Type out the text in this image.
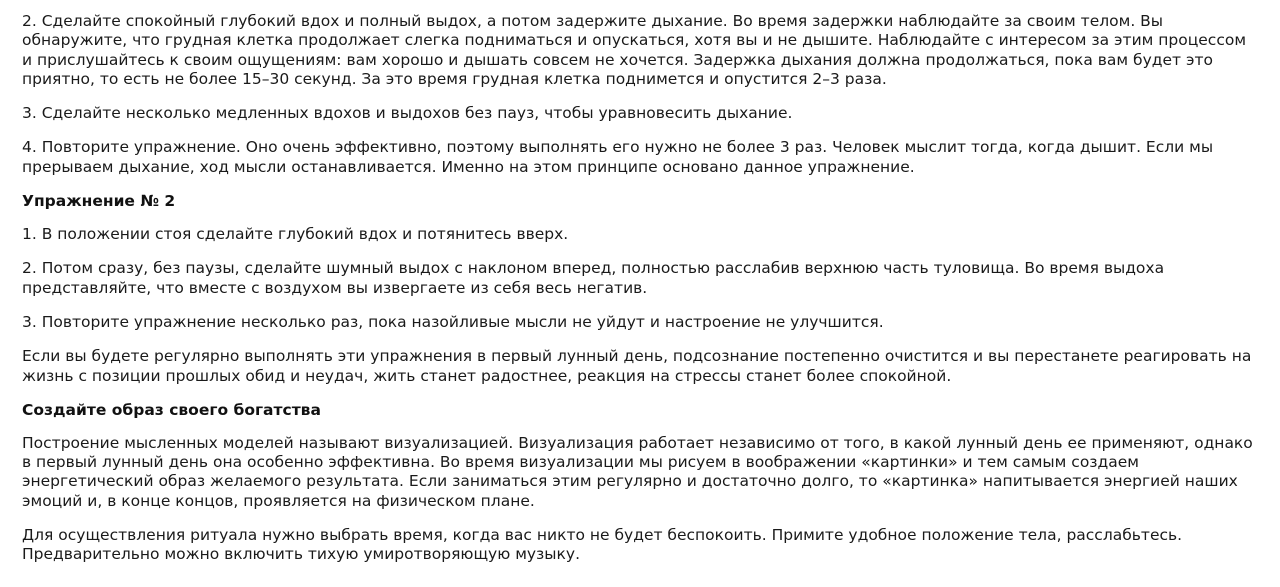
2. Сделайте спокойный глубокий вдох и полный выдох, а потом задержите дыхание. Во время задержки наблюдайте за своим телом. Вы обнаружите, что грудная клетка продолжает слегка подниматься и опускаться, хотя вы и не дышите. Наблюдайте с интересом за этим процессом и прислушайтесь к своим ощущениям: вам хорошо и дышать совсем не хочется. Задержка дыхания должна продолжаться, пока вам будет это приятно, то есть не более 15–30 секунд. За это время грудная клетка поднимется и опустится 2–3 раза.

3. Сделайте несколько медленных вдохов и выдохов без пауз, чтобы уравновесить дыхание.

4. Повторите упражнение. Оно очень эффективно, поэтому выполнять его нужно не более 3 раз. Человек мыслит тогда, когда дышит. Если мы прерываем дыхание, ход мысли останавливается. Именно на этом принципе основано данное упражнение.

Упражнение № 2

1. В положении стоя сделайте глубокий вдох и потянитесь вверх.

2. Потом сразу, без паузы, сделайте шумный выдох с наклоном вперед, полностью расслабив верхнюю часть туловища. Во время выдоха представляйте, что вместе с воздухом вы извергаете из себя весь негатив.

3. Повторите упражнение несколько раз, пока назойливые мысли не уйдут и настроение не улучшится.

Если вы будете регулярно выполнять эти упражнения в первый лунный день, подсознание постепенно очистится и вы перестанете реагировать на жизнь с позиции прошлых обид и неудач, жить станет радостнее, реакция на стрессы станет более спокойной.

Создайте образ своего богатства

Построение мысленных моделей называют визуализацией. Визуализация работает независимо от того, в какой лунный день ее применяют, однако в первый лунный день она особенно эффективна. Во время визуализации мы рисуем в воображении «картинки» и тем самым создаем энергетический образ желаемого результата. Если заниматься этим регулярно и достаточно долго, то «картинка» напитывается энергией наших эмоций и, в конце концов, проявляется на физическом плане.

Для осуществления ритуала нужно выбрать время, когда вас никто не будет беспокоить. Примите удобное положение тела, расслабьтесь. Предварительно можно включить тихую умиротворяющую музыку.
